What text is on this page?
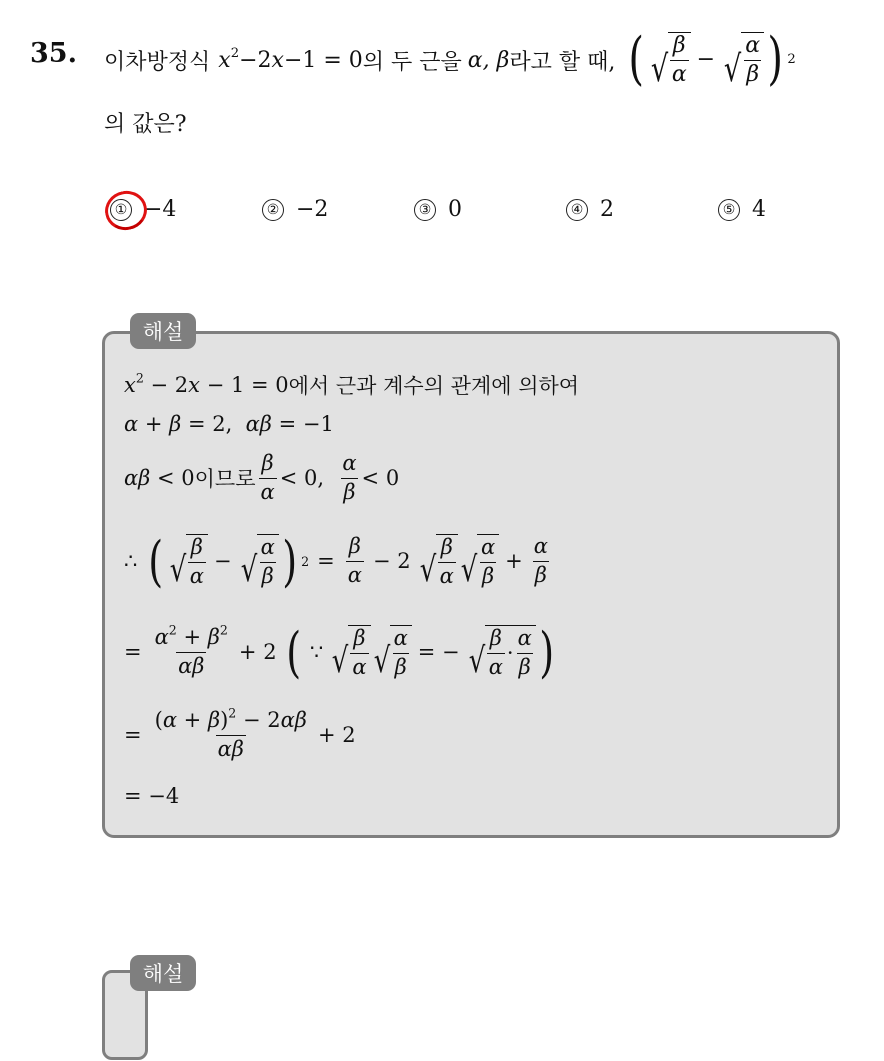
35. 이차방정식 $x^2-2x-1 = 0$ 의 두 근을 α, β 라고 할 때, ( √ $\frac{\beta}{\alpha}$ − √ $\frac{\alpha}{\beta}$ ) 2
의 값은?
① −4	② −2	③ 0	④ 2	⑤ 4
해설
$x^2 - 2x - 1 = 0$ 에서 근과 계수의 관계에 의하여
α + β = 2,  αβ = −1
αβ < 0 이므로 $\frac{\beta}{\alpha} < 0$, $\frac{\alpha}{\beta} < 0$
∴ ( √ $\frac{\beta}{\alpha}$ − √ $\frac{\alpha}{\beta}$ ) $2 = \frac{\beta}{\alpha} - 2$ √ $\frac{\beta}{\alpha}$ √ $\frac{\alpha}{\beta} + \frac{\alpha}{\beta}$
= $\frac{\alpha^2 + \beta^2}{\alpha\beta} + 2$ ( ∵ √ $\frac{\beta}{\alpha}$ √ $\frac{\alpha}{\beta}$ = − √ $\frac{\beta}{\alpha} \cdot \frac{\alpha}{\beta}$ )
= $\frac{(\alpha + \beta)^2 - 2\alpha\beta}{\alpha\beta} + 2$
= −4
해설
